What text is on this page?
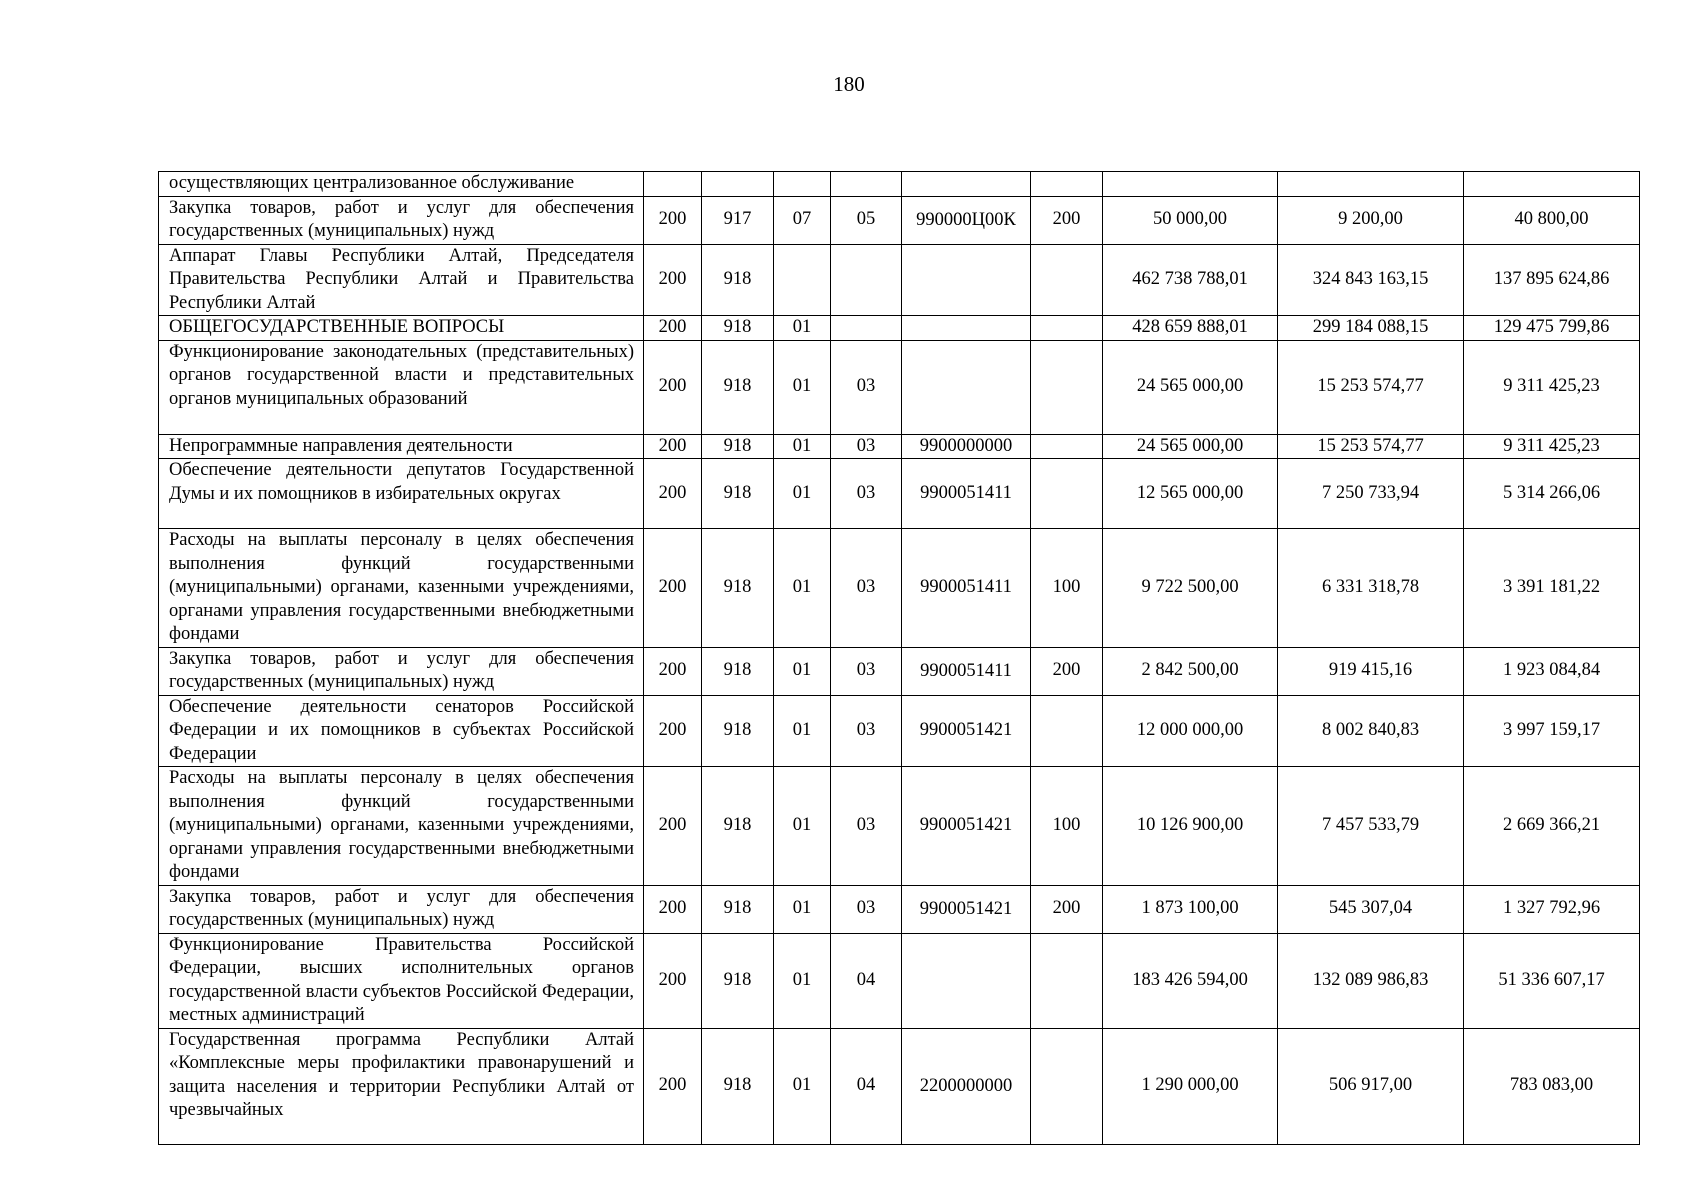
180
осуществляющих централизованное обслуживание									
Закупка товаров, работ и услуг для обеспечения государственных (муниципальных) нужд	200	917	07	05	990000Ц00К	200	50 000,00	9 200,00	40 800,00
Аппарат Главы Республики Алтай, Председателя Правительства Республики Алтай и Правительства Республики Алтай	200	918					462 738 788,01	324 843 163,15	137 895 624,86
ОБЩЕГОСУДАРСТВЕННЫЕ ВОПРОСЫ	200	918	01				428 659 888,01	299 184 088,15	129 475 799,86
Функционирование законодательных (представительных) органов государственной власти и представительных органов муниципальных образований	200	918	01	03			24 565 000,00	15 253 574,77	9 311 425,23
Непрограммные направления деятельности	200	918	01	03	9900000000		24 565 000,00	15 253 574,77	9 311 425,23
Обеспечение деятельности депутатов Государственной Думы и их помощников в избирательных округах	200	918	01	03	9900051411		12 565 000,00	7 250 733,94	5 314 266,06
Расходы на выплаты персоналу в целях обеспечения выполнения функций государственными (муниципальными) органами, казенными учреждениями, органами управления государственными внебюджетными фондами	200	918	01	03	9900051411	100	9 722 500,00	6 331 318,78	3 391 181,22
Закупка товаров, работ и услуг для обеспечения государственных (муниципальных) нужд	200	918	01	03	9900051411	200	2 842 500,00	919 415,16	1 923 084,84
Обеспечение деятельности сенаторов Российской Федерации и их помощников в субъектах Российской Федерации	200	918	01	03	9900051421		12 000 000,00	8 002 840,83	3 997 159,17
Расходы на выплаты персоналу в целях обеспечения выполнения функций государственными (муниципальными) органами, казенными учреждениями, органами управления государственными внебюджетными фондами	200	918	01	03	9900051421	100	10 126 900,00	7 457 533,79	2 669 366,21
Закупка товаров, работ и услуг для обеспечения государственных (муниципальных) нужд	200	918	01	03	9900051421	200	1 873 100,00	545 307,04	1 327 792,96
Функционирование Правительства Российской Федерации, высших исполнительных органов государственной власти субъектов Российской Федерации, местных администраций	200	918	01	04			183 426 594,00	132 089 986,83	51 336 607,17
Государственная программа Республики Алтай «Комплексные меры профилактики правонарушений и защита населения и территории Республики Алтай от чрезвычайных	200	918	01	04	2200000000		1 290 000,00	506 917,00	783 083,00
